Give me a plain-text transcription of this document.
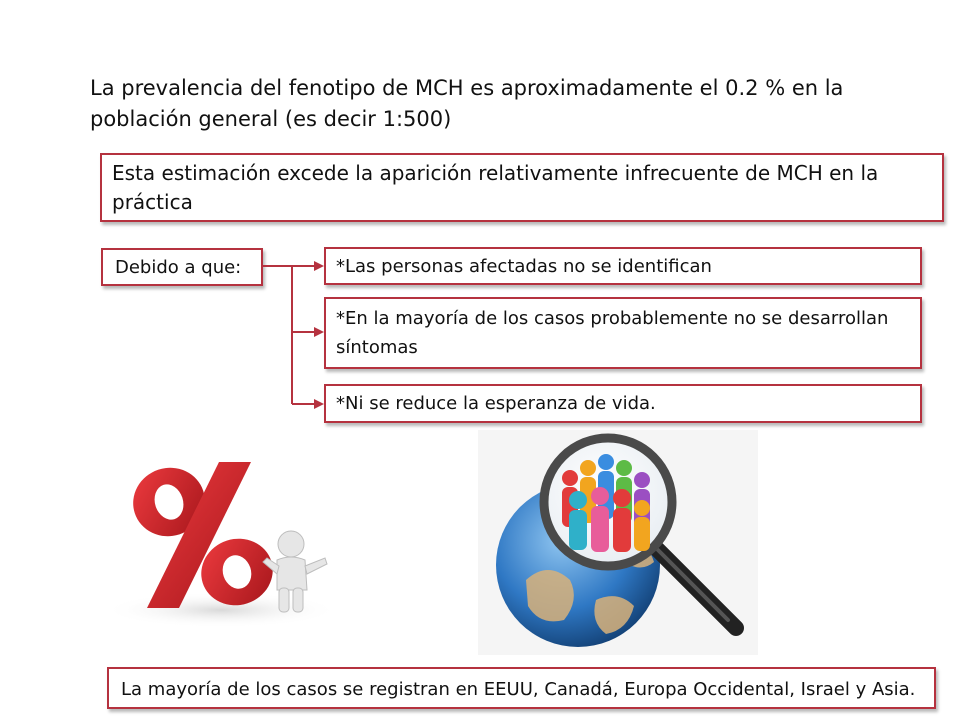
La prevalencia del fenotipo de MCH es aproximadamente el 0.2 % en la población general (es decir 1:500)

Esta estimación excede la aparición relativamente infrecuente de MCH en la práctica
Debido a que:	*Las personas afectadas no se identifican
*En la mayoría de los casos probablemente no se desarrollan síntomas
*Ni se reduce la esperanza de vida.
La mayoría de los casos se registran en EEUU, Canadá, Europa Occidental, Israel y Asia.
